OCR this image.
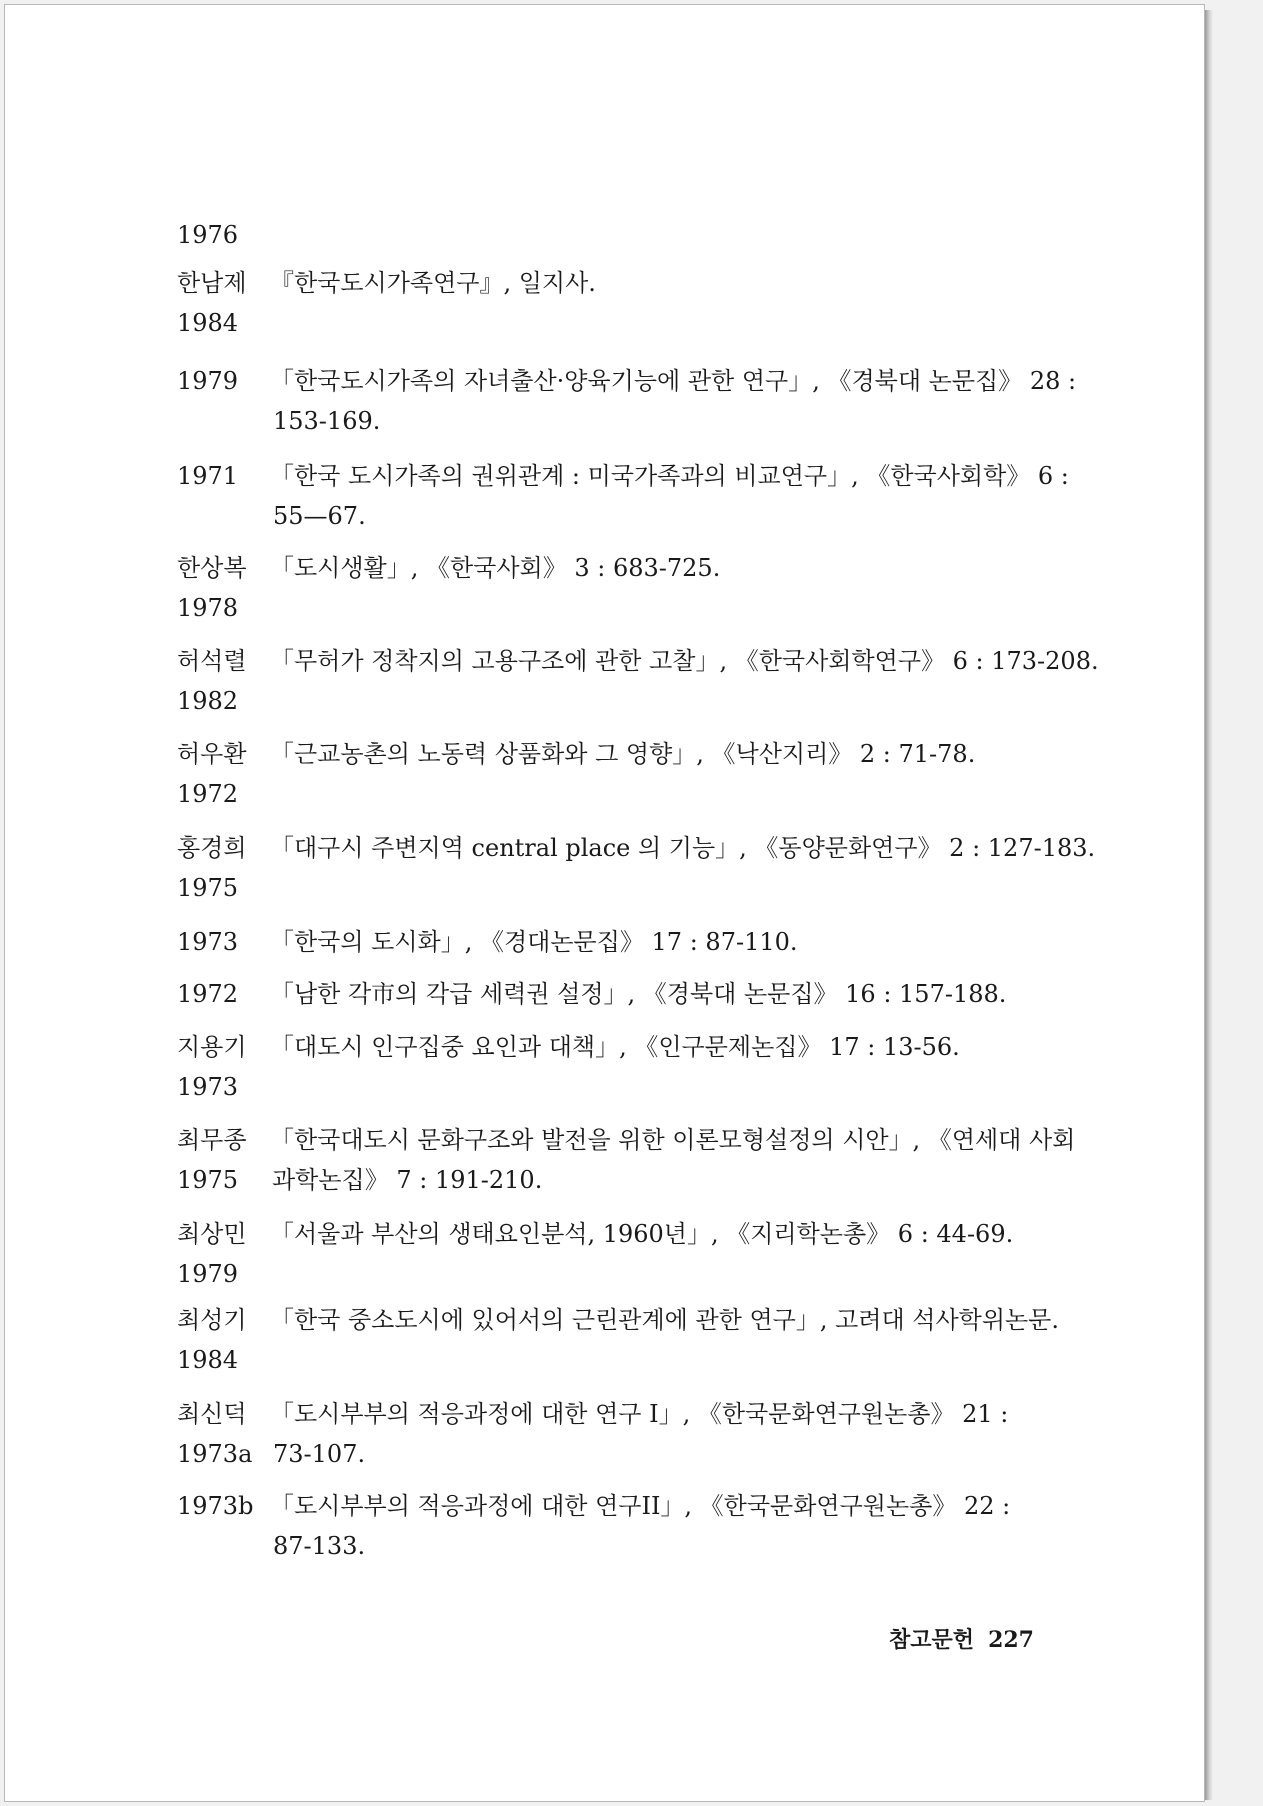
1976
한남제
1984
『한국도시가족연구』, 일지사.
1979 「한국도시가족의 자녀출산·양육기능에 관한 연구」, 《경북대 논문집》 28 :
153-169.
1971 「한국 도시가족의 권위관계 : 미국가족과의 비교연구」, 《한국사회학》 6 :
55—67.
한상복
1978
「도시생활」, 《한국사회》 3 : 683-725.
허석렬
1982
「무허가 정착지의 고용구조에 관한 고찰」, 《한국사회학연구》 6 : 173-208.
허우환
1972
「근교농촌의 노동력 상품화와 그 영향」, 《낙산지리》 2 : 71-78.
홍경희
1975
「대구시 주변지역 central place 의 기능」, 《동양문화연구》 2 : 127-183.
1973 「한국의 도시화」, 《경대논문집》 17 : 87-110.
1972 「남한 각市의 각급 세력권 설정」, 《경북대 논문집》 16 : 157-188.
지용기
1973
「대도시 인구집중 요인과 대책」, 《인구문제논집》 17 : 13-56.
최무종
1975
「한국대도시 문화구조와 발전을 위한 이론모형설정의 시안」, 《연세대 사회
과학논집》 7 : 191-210.
최상민
1979
「서울과 부산의 생태요인분석, 1960년」, 《지리학논총》 6 : 44-69.
최성기
1984
「한국 중소도시에 있어서의 근린관계에 관한 연구」, 고려대 석사학위논문.
최신덕
1973a
「도시부부의 적응과정에 대한 연구 I」, 《한국문화연구원논총》 21 :
73-107.
1973b 「도시부부의 적응과정에 대한 연구II」, 《한국문화연구원논총》 22 :
87-133.
참고문헌 227
